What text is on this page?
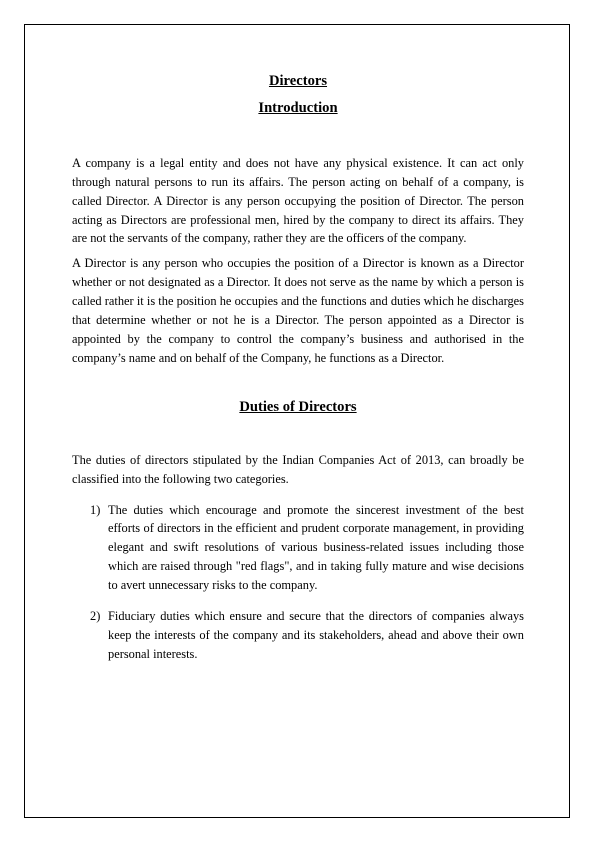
Directors
Introduction

A company is a legal entity and does not have any physical existence. It can act only through natural persons to run its affairs. The person acting on behalf of a company, is called Director. A Director is any person occupying the position of Director. The person acting as Directors are professional men, hired by the company to direct its affairs. They are not the servants of the company, rather they are the officers of the company.

A Director is any person who occupies the position of a Director is known as a Director whether or not designated as a Director. It does not serve as the name by which a person is called rather it is the position he occupies and the functions and duties which he discharges that determine whether or not he is a Director. The person appointed as a Director is appointed by the company to control the company’s business and authorised in the company’s name and on behalf of the Company, he functions as a Director.

Duties of Directors

The duties of directors stipulated by the Indian Companies Act of 2013, can broadly be classified into the following two categories.

1) The duties which encourage and promote the sincerest investment of the best efforts of directors in the efficient and prudent corporate management, in providing elegant and swift resolutions of various business-related issues including those which are raised through "red flags", and in taking fully mature and wise decisions to avert unnecessary risks to the company.
2) Fiduciary duties which ensure and secure that the directors of companies always keep the interests of the company and its stakeholders, ahead and above their own personal interests.
